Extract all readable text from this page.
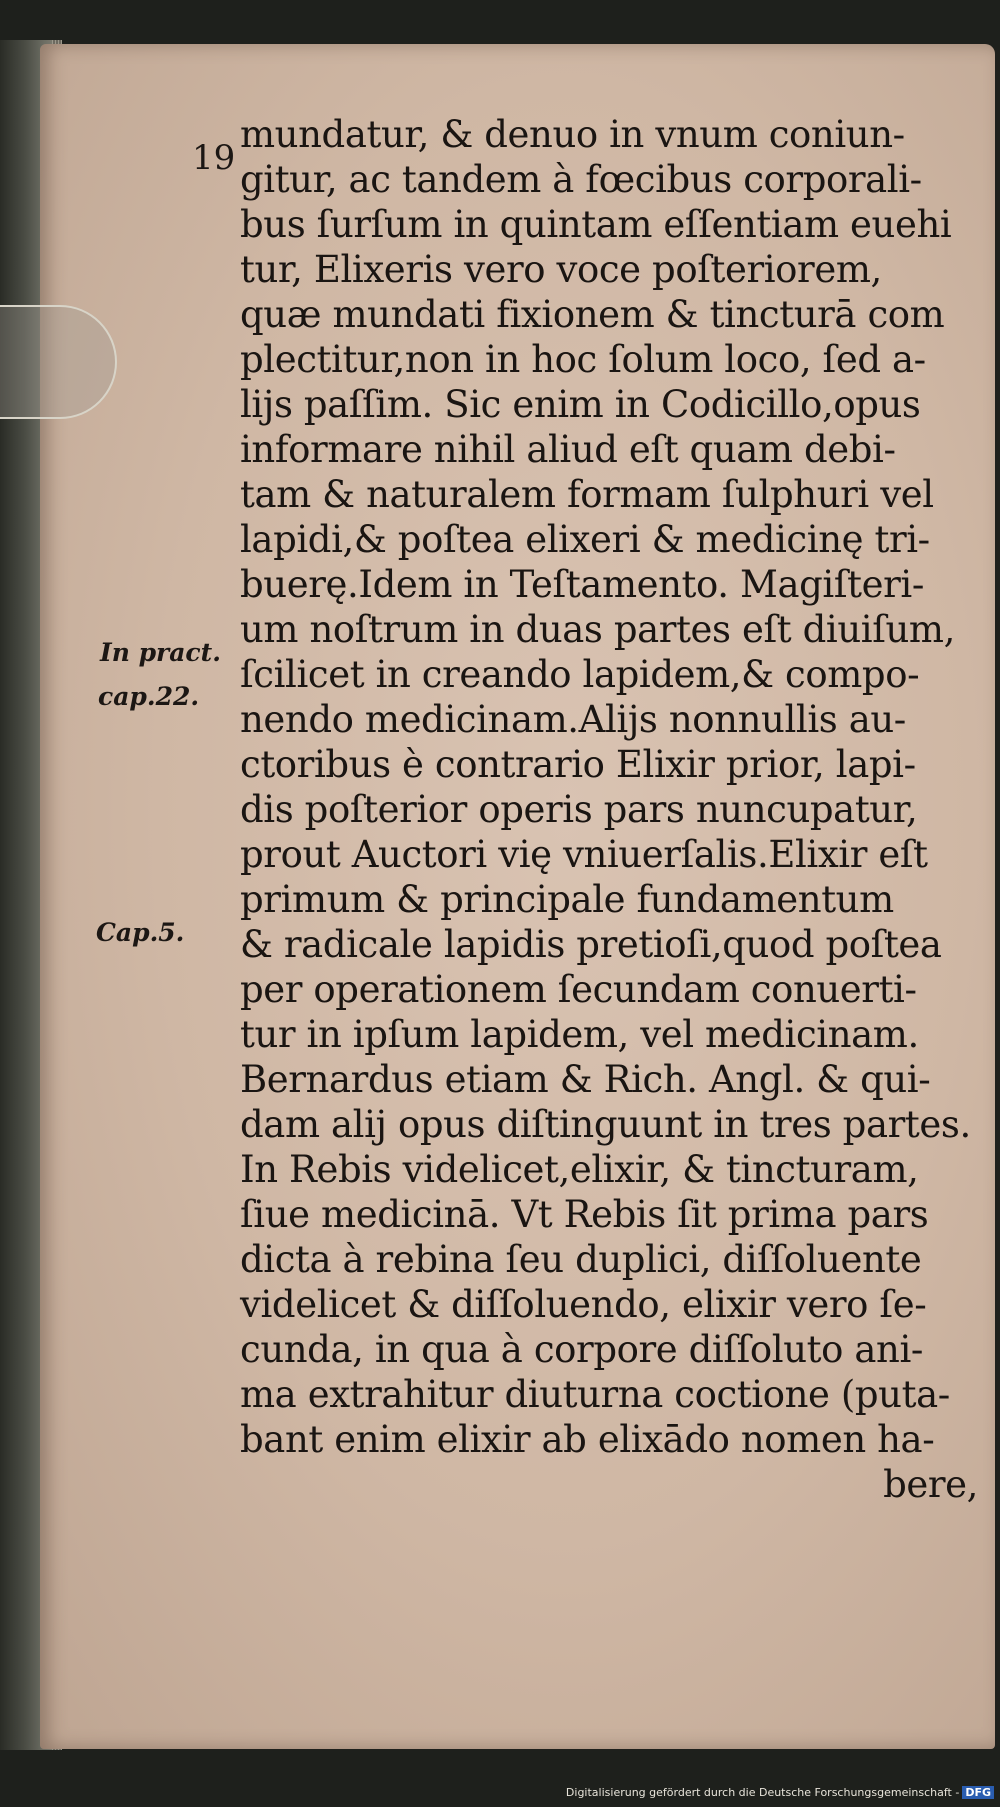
19
In pract.
cap.22.
Cap.5.
mundatur, & denuo in vnum coniun-
gitur, ac tandem à fœcibus corporali-
bus ſurſum in quintam eſſentiam euehi
tur, Elixeris vero voce poſteriorem,
quæ mundati fixionem & tincturā com
plectitur,non in hoc ſolum loco, ſed a-
lijs paſſim. Sic enim in Codicillo,opus
informare nihil aliud eſt quam debi-
tam & naturalem formam ſulphuri vel
lapidi,& poſtea elixeri & medicinę tri-
buerę.Idem in Teſtamento. Magiſteri-
um noſtrum in duas partes eſt diuiſum,
ſcilicet in creando lapidem,& compo-
nendo medicinam.Alijs nonnullis au-
ctoribus è contrario Elixir prior, lapi-
dis poſterior operis pars nuncupatur,
prout Auctori vię vniuerſalis.Elixir eſt
primum & principale fundamentum
& radicale lapidis pretioſi,quod poſtea
per operationem ſecundam conuerti-
tur in ipſum lapidem, vel medicinam.
Bernardus etiam & Rich. Angl. & qui-
dam alij opus diſtinguunt in tres partes.
In Rebis videlicet,elixir, & tincturam,
ſiue medicinā. Vt Rebis ſit prima pars
dicta à rebina ſeu duplici, diſſoluente
videlicet & diſſoluendo, elixir vero ſe-
cunda, in qua à corpore diſſoluto ani-
ma extrahitur diuturna coctione (puta-
bant enim elixir ab elixādo nomen ha-
bere,
Digitalisierung gefördert durch die Deutsche Forschungsgemeinschaft - DFG
